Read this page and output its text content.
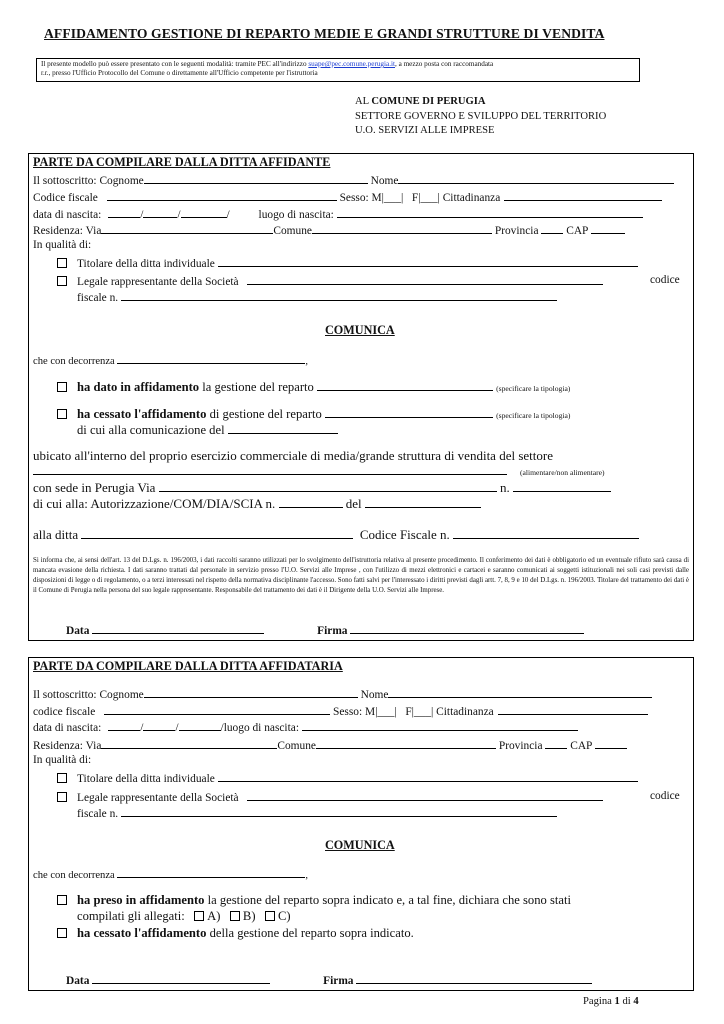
AFFIDAMENTO GESTIONE DI REPARTO MEDIE E GRANDI STRUTTURE DI VENDITA
Il presente modello può essere presentato con le seguenti modalità: tramite PEC all'indirizzo suape@pec.comune.perugia.it, a mezzo posta con raccomandata
r.r., presso l'Ufficio Protocollo del Comune o direttamente all'Ufficio competente per l'istruttoria
AL COMUNE DI PERUGIA
SETTORE GOVERNO E SVILUPPO DEL TERRITORIO
U.O. SERVIZI ALLE IMPRESE
PARTE DA COMPILARE DALLA DITTA AFFIDANTE
Il sottoscritto: Cognome	Nome
Codice fiscale	Sesso: M|___| F|___| Cittadinanza
data di nascita:	/	/	/ luogo di nascita:
Residenza: Via	Comune	Provincia CAP
In qualità di:
Titolare della ditta individuale
Legale rappresentante della Società	codice
fiscale n.
COMUNICA
che con decorrenza	,
ha dato in affidamento la gestione del reparto	(specificare la tipologia)
ha cessato l'affidamento di gestione del reparto	(specificare la tipologia)
di cui alla comunicazione del
ubicato all'interno del proprio esercizio commerciale di media/grande struttura di vendita del settore
(alimentare/non alimentare)
con sede in Perugia Via	n.
di cui alla: Autorizzazione/COM/DIA/SCIA n.	del
alla ditta	Codice Fiscale n.
Si informa che, ai sensi dell'art. 13 del D.Lgs. n. 196/2003, i dati raccolti saranno utilizzati per lo svolgimento dell'istruttoria relativa al presente procedimento. Il conferimento dei dati è obbligatorio ed un eventuale rifiuto sarà causa di mancata evasione della richiesta. I dati saranno trattati dal personale in servizio presso l'U.O. Servizi alle Imprese , con l'utilizzo di mezzi elettronici e cartacei e saranno comunicati ai soggetti istituzionali nei soli casi previsti dalle disposizioni di legge o di regolamento, o a terzi interessati nel rispetto della normativa disciplinante l'accesso. Sono fatti salvi per l'interessato i diritti previsti dagli artt. 7, 8, 9 e 10 del D.Lgs. n. 196/2003. Titolare del trattamento dei dati è il Comune di Perugia nella persona del suo legale rappresentante. Responsabile del trattamento dei dati è il Dirigente della U.O. Servizi alle Imprese.
Data	Firma
PARTE DA COMPILARE DALLA DITTA AFFIDATARIA
Il sottoscritto: Cognome	Nome
codice fiscale	Sesso: M|___| F|___| Cittadinanza
data di nascita:	/	/	/luogo di nascita:
Residenza: Via	Comune	Provincia CAP
In qualità di:
Titolare della ditta individuale
Legale rappresentante della Società	codice
fiscale n.
COMUNICA
che con decorrenza	,
ha preso in affidamento la gestione del reparto sopra indicato e, a tal fine, dichiara che sono stati
compilati gli allegati: A) B) C)
ha cessato l'affidamento della gestione del reparto sopra indicato.
Data	Firma
Pagina 1 di 4
